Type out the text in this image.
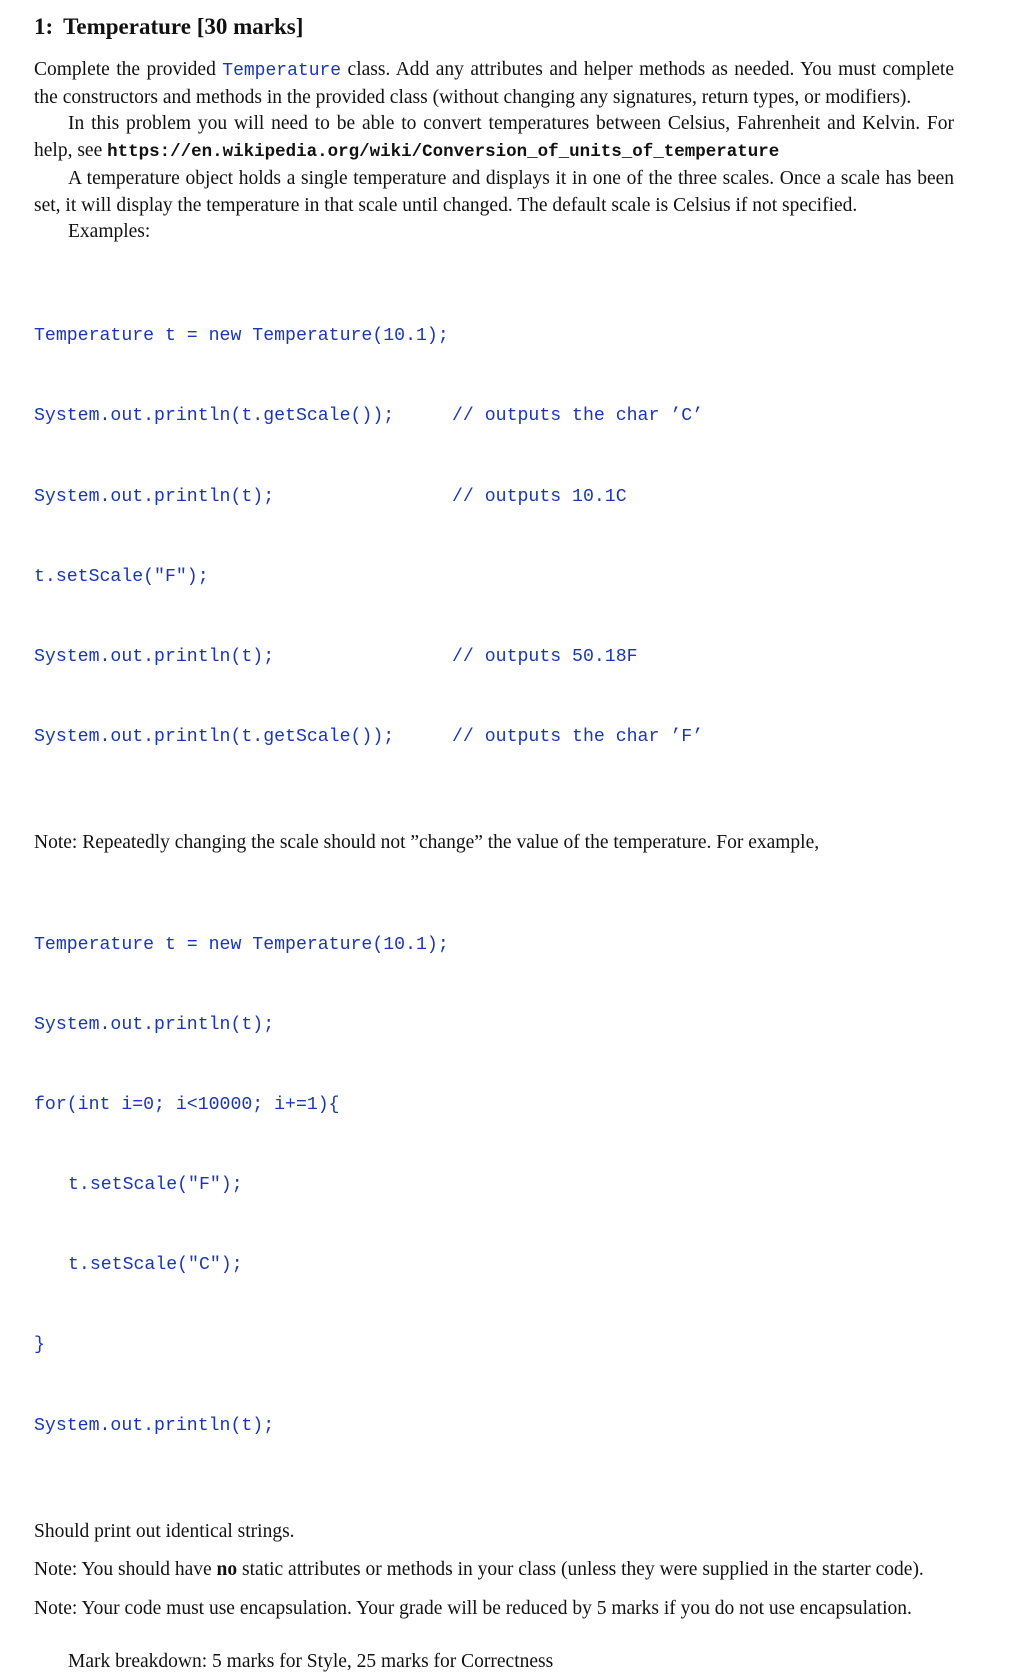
1: Temperature [30 marks]

Complete the provided Temperature class. Add any attributes and helper methods as needed. You must complete the constructors and methods in the provided class (without changing any signatures, return types, or modifiers).

In this problem you will need to be able to convert temperatures between Celsius, Fahrenheit and Kelvin. For help, see https://en.wikipedia.org/wiki/Conversion_of_units_of_temperature

A temperature object holds a single temperature and displays it in one of the three scales. Once a scale has been set, it will display the temperature in that scale until changed. The default scale is Celsius if not specified.

Examples:

Temperature t = new Temperature(10.1);

System.out.println(t.getScale());	// outputs the char ’C’

System.out.println(t);	// outputs 10.1C

t.setScale("F");

System.out.println(t);	// outputs 50.18F

System.out.println(t.getScale());	// outputs the char ’F’

Note: Repeatedly changing the scale should not ”change” the value of the temperature. For example,

Temperature t = new Temperature(10.1);

System.out.println(t);

for(int i=0; i<10000; i+=1){

t.setScale("F");

t.setScale("C");

}

System.out.println(t);

Should print out identical strings.

Note: You should have no static attributes or methods in your class (unless they were supplied in the starter code).

Note: Your code must use encapsulation. Your grade will be reduced by 5 marks if you do not use encapsulation.

Mark breakdown: 5 marks for Style, 25 marks for Correctness
